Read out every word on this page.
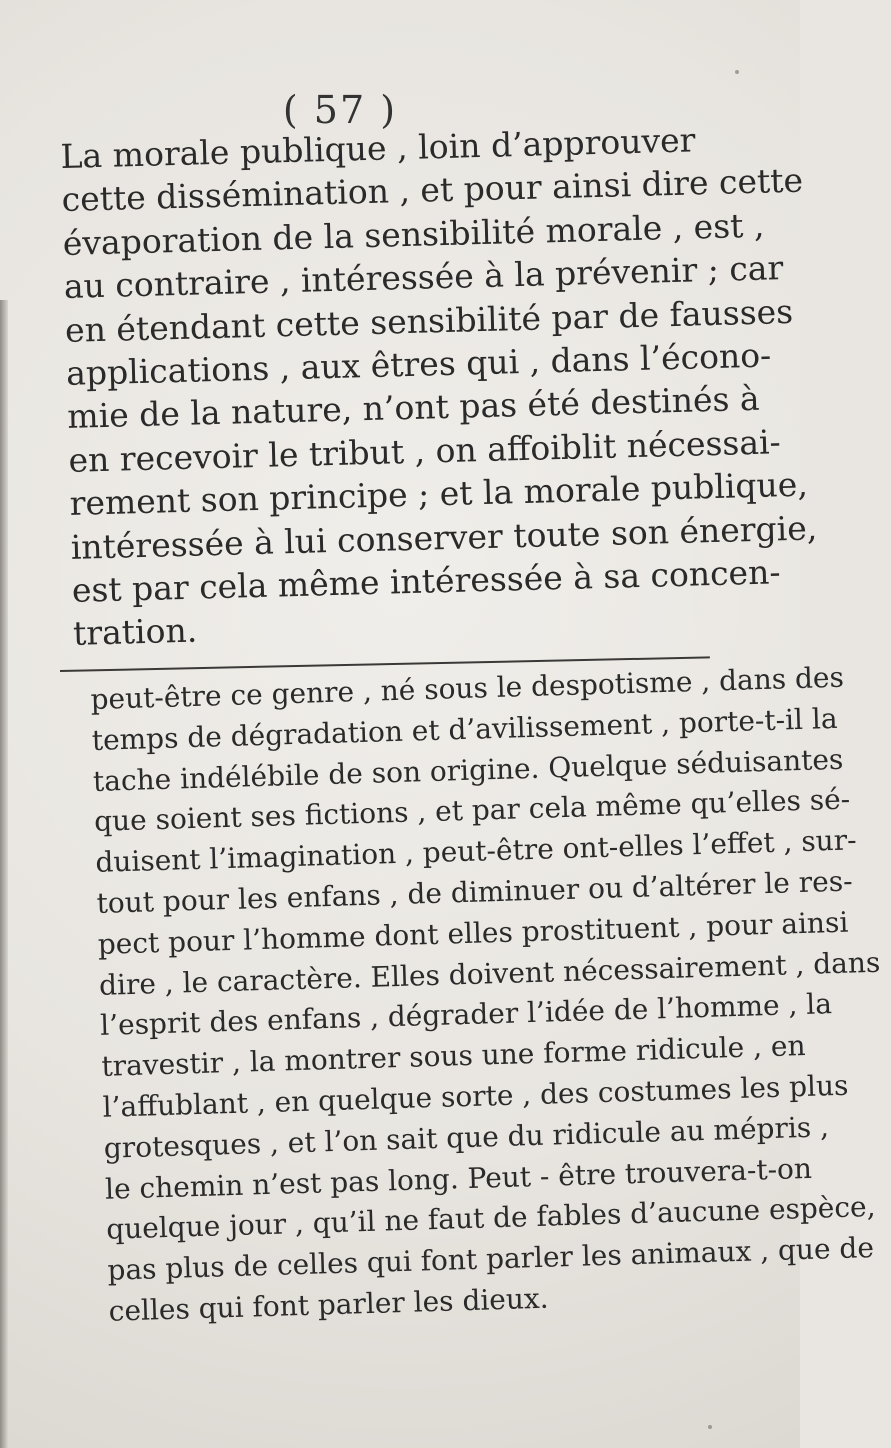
( 57 )
La morale publique , loin d’approuver
cette dissémination , et pour ainsi dire cette
évaporation de la sensibilité morale , est ,
au contraire , intéressée à la prévenir ; car
en étendant cette sensibilité par de fausses
applications , aux êtres qui , dans l’écono-
mie de la nature, n’ont pas été destinés à
en recevoir le tribut , on affoiblit nécessai-
rement son principe ; et la morale publique,
intéressée à lui conserver toute son énergie,
est par cela même intéressée à sa concen-
tration.
peut-être ce genre , né sous le despotisme , dans des
temps de dégradation et d’avilissement , porte-t-il la
tache indélébile de son origine. Quelque séduisantes
que soient ses fictions , et par cela même qu’elles sé-
duisent l’imagination , peut-être ont-elles l’effet , sur-
tout pour les enfans , de diminuer ou d’altérer le res-
pect pour l’homme dont elles prostituent , pour ainsi
dire , le caractère. Elles doivent nécessairement , dans
l’esprit des enfans , dégrader l’idée de l’homme , la
travestir , la montrer sous une forme ridicule , en
l’affublant , en quelque sorte , des costumes les plus
grotesques , et l’on sait que du ridicule au mépris ,
le chemin n’est pas long. Peut - être trouvera-t-on
quelque jour , qu’il ne faut de fables d’aucune espèce,
pas plus de celles qui font parler les animaux , que de
celles qui font parler les dieux.
